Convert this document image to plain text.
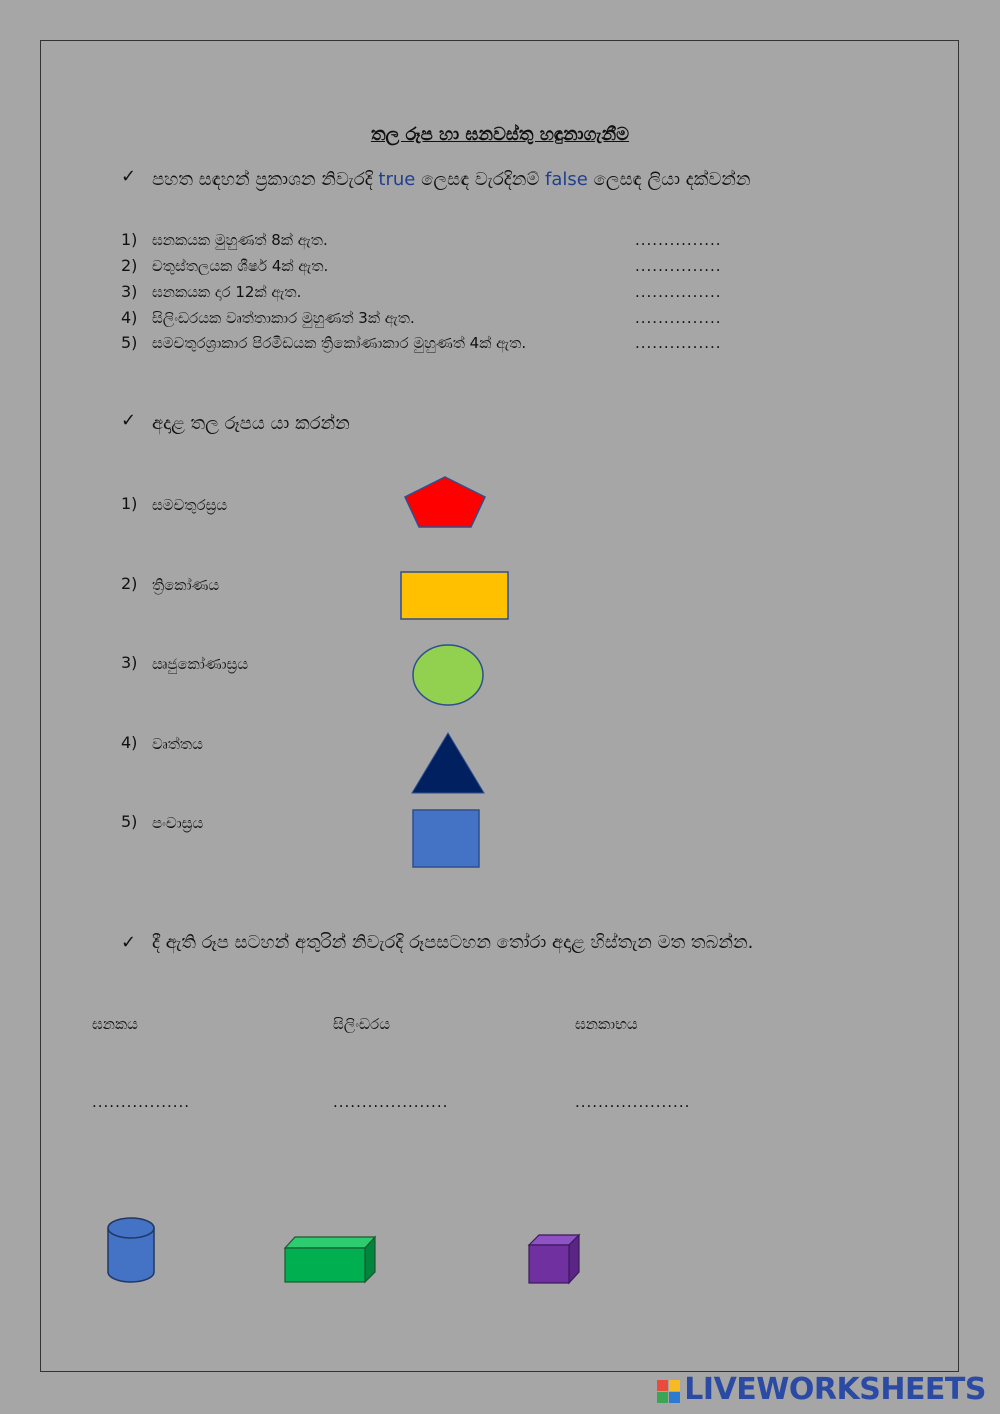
තල රූප හා ඝනවස්තු හඳුනාගැනීම
✓ පහත සඳහන් ප්‍රකාශන නිවැරදි true ලෙසඳ වැරදිනම් false ලෙසඳ ලියා දක්වන්න
1) ඝනකයක මුහුණත් 8ක් ඇත.	...............
2) චතුස්තලයක ශීර්ෂ 4ක් ඇත.	...............
3) ඝනකයක දාර 12ක් ඇත.	...............
4) සිලිංඩරයක වෘත්තාකාර මුහුණත් 3ක් ඇත.	...............
5) සමචතුරශ්‍රාකාර පිරමීඩයක ත්‍රිකෝණාකාර මුහුණත් 4ක් ඇත.	...............
✓ අදාළ තල රූපය යා කරන්න
1) සමචතුරස්‍රය
2) ත්‍රිකෝණය
3) ඍජුකෝණාස්‍රය
4) වෘත්තය
5) පංචාස්‍රය
✓ දී ඇති රූප සටහන් අතුරින් නිවැරදි රූපසටහන තෝරා අදාළ හිස්තැන මත තබන්න.
ඝනකය	සිලිංඩරය	ඝනකාභය
.................	....................	....................
LIVEWORKSHEETS
